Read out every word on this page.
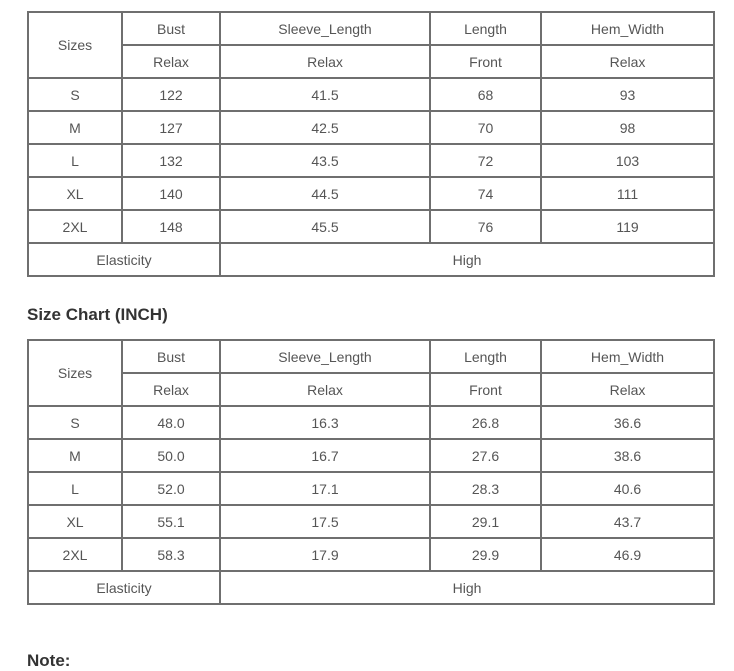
Sizes	Bust	Sleeve_Length	Length	Hem_Width
	Relax	Relax	Front	Relax
S	122	41.5	68	93
M	127	42.5	70	98
L	132	43.5	72	103
XL	140	44.5	74	111
2XL	148	45.5	76	119
Elasticity		High		
Size Chart (INCH)
Sizes	Bust	Sleeve_Length	Length	Hem_Width
	Relax	Relax	Front	Relax
S	48.0	16.3	26.8	36.6
M	50.0	16.7	27.6	38.6
L	52.0	17.1	28.3	40.6
XL	55.1	17.5	29.1	43.7
2XL	58.3	17.9	29.9	46.9
Elasticity		High		
Note:
